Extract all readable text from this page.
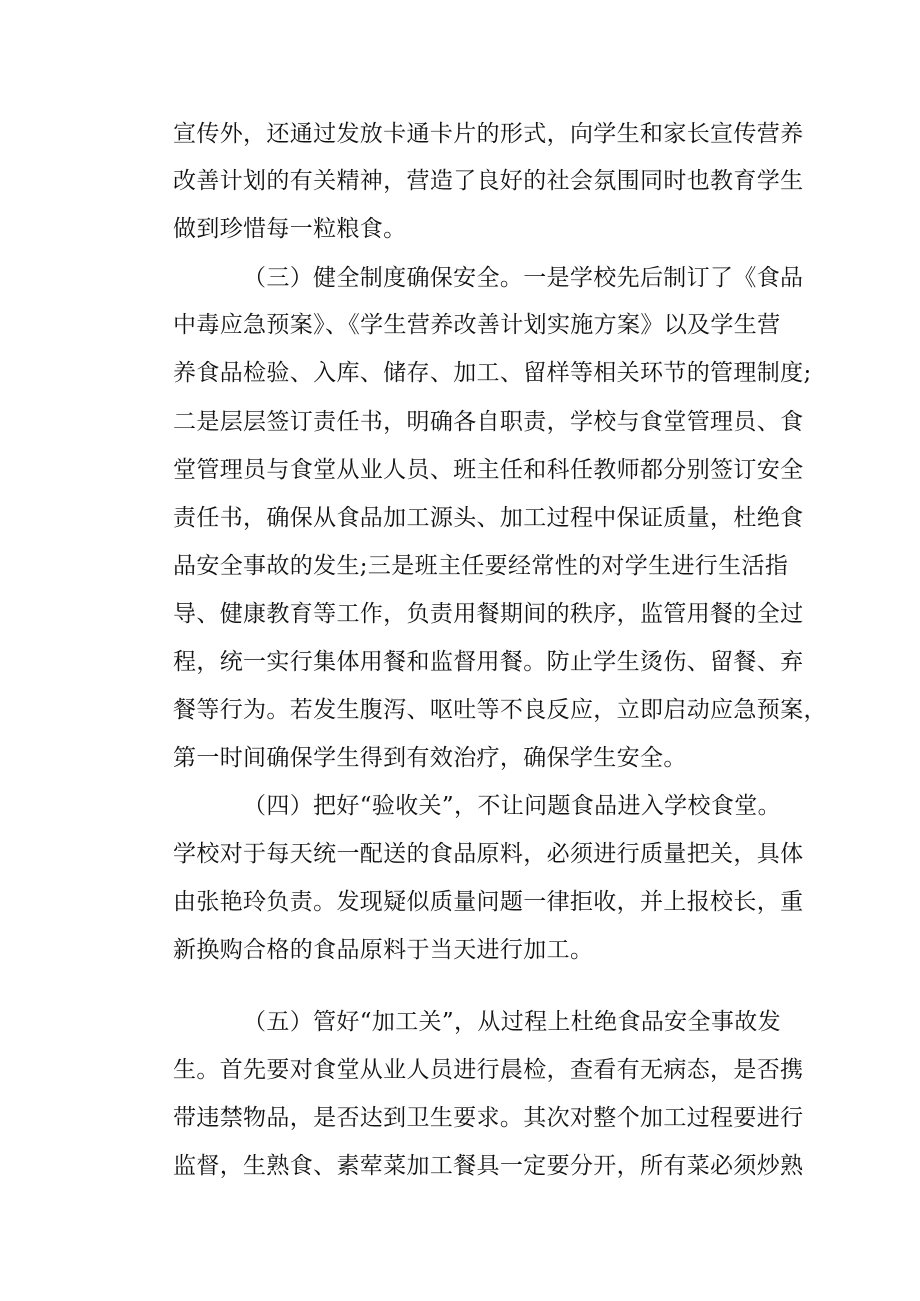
宣传外，还通过发放卡通卡片的形式，向学生和家长宣传营养

改善计划的有关精神，营造了良好的社会氛围同时也教育学生

做到珍惜每一粒粮食。

（三）健全制度确保安全。一是学校先后制订了《食品

中毒应急预案》、《学生营养改善计划实施方案》以及学生营

养食品检验、入库、储存、加工、留样等相关环节的管理制度;

二是层层签订责任书，明确各自职责，学校与食堂管理员、食

堂管理员与食堂从业人员、班主任和科任教师都分别签订安全

责任书，确保从食品加工源头、加工过程中保证质量，杜绝食

品安全事故的发生;三是班主任要经常性的对学生进行生活指

导、健康教育等工作，负责用餐期间的秩序，监管用餐的全过

程，统一实行集体用餐和监督用餐。防止学生烫伤、留餐、弃

餐等行为。若发生腹泻、呕吐等不良反应，立即启动应急预案，

第一时间确保学生得到有效治疗，确保学生安全。

（四）把好“验收关”，不让问题食品进入学校食堂。

学校对于每天统一配送的食品原料，必须进行质量把关，具体

由张艳玲负责。发现疑似质量问题一律拒收，并上报校长，重

新换购合格的食品原料于当天进行加工。

（五）管好“加工关”，从过程上杜绝食品安全事故发

生。首先要对食堂从业人员进行晨检，查看有无病态，是否携

带违禁物品，是否达到卫生要求。其次对整个加工过程要进行

监督，生熟食、素荤菜加工餐具一定要分开，所有菜必须炒熟
